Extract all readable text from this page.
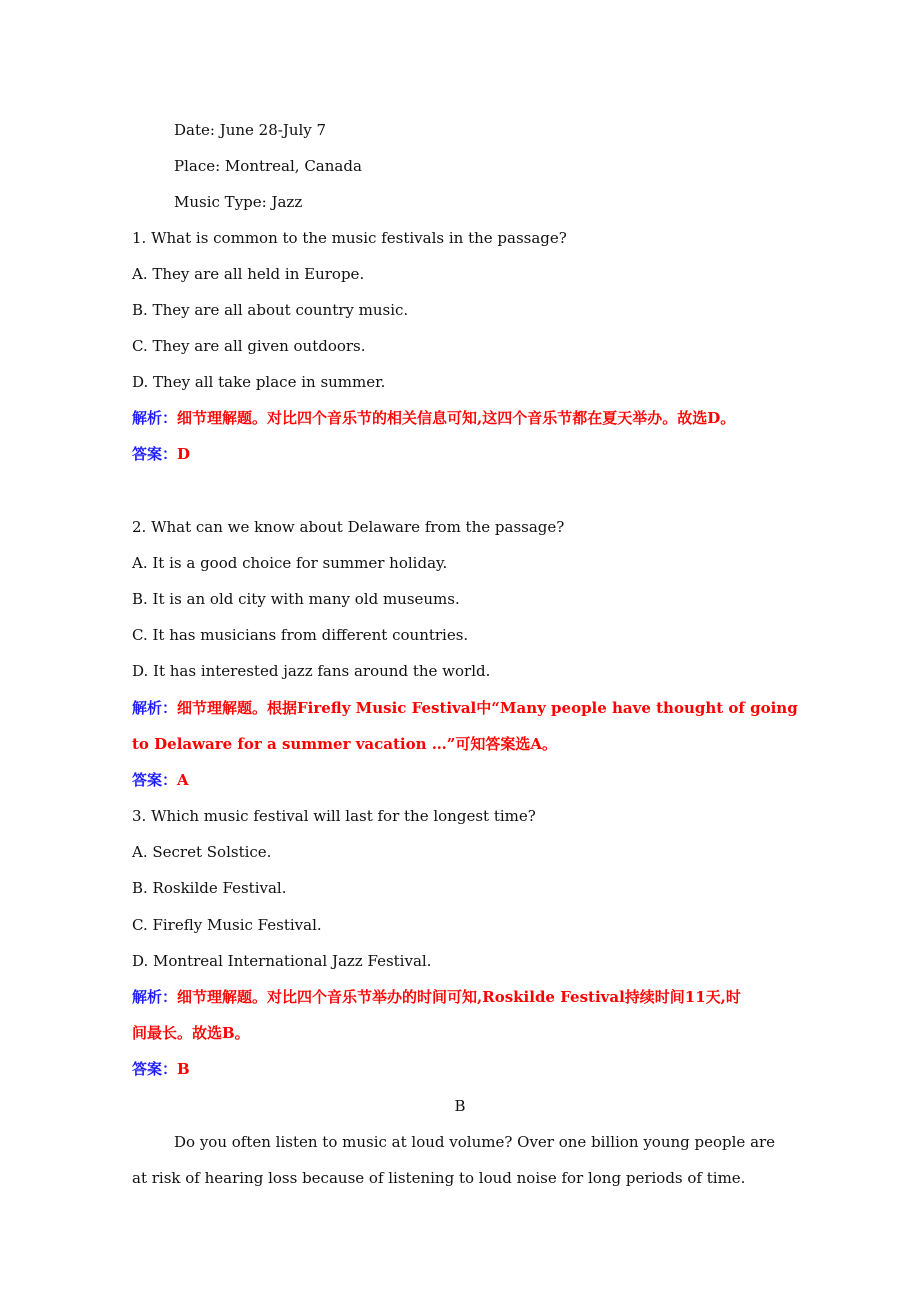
Date: June 28-July 7
Place: Montreal, Canada
Music Type: Jazz
1. What is common to the music festivals in the passage?
A. They are all held in Europe.
B. They are all about country music.
C. They are all given outdoors.
D. They all take place in summer.
解析：细节理解题。对比四个音乐节的相关信息可知,这四个音乐节都在夏天举办。故选D。
答案：D
2. What can we know about Delaware from the passage?
A. It is a good choice for summer holiday.
B. It is an old city with many old museums.
C. It has musicians from different countries.
D. It has interested jazz fans around the world.
解析：细节理解题。根据Firefly Music Festival中“Many people have thought of going
to Delaware for a summer vacation …”可知答案选A。
答案：A
3. Which music festival will last for the longest time?
A. Secret Solstice.
B. Roskilde Festival.
C. Firefly Music Festival.
D. Montreal International Jazz Festival.
解析：细节理解题。对比四个音乐节举办的时间可知,Roskilde Festival持续时间11天,时
间最长。故选B。
答案：B
B
Do you often listen to music at loud volume? Over one billion young people are
at risk of hearing loss because of listening to loud noise for long periods of time.
